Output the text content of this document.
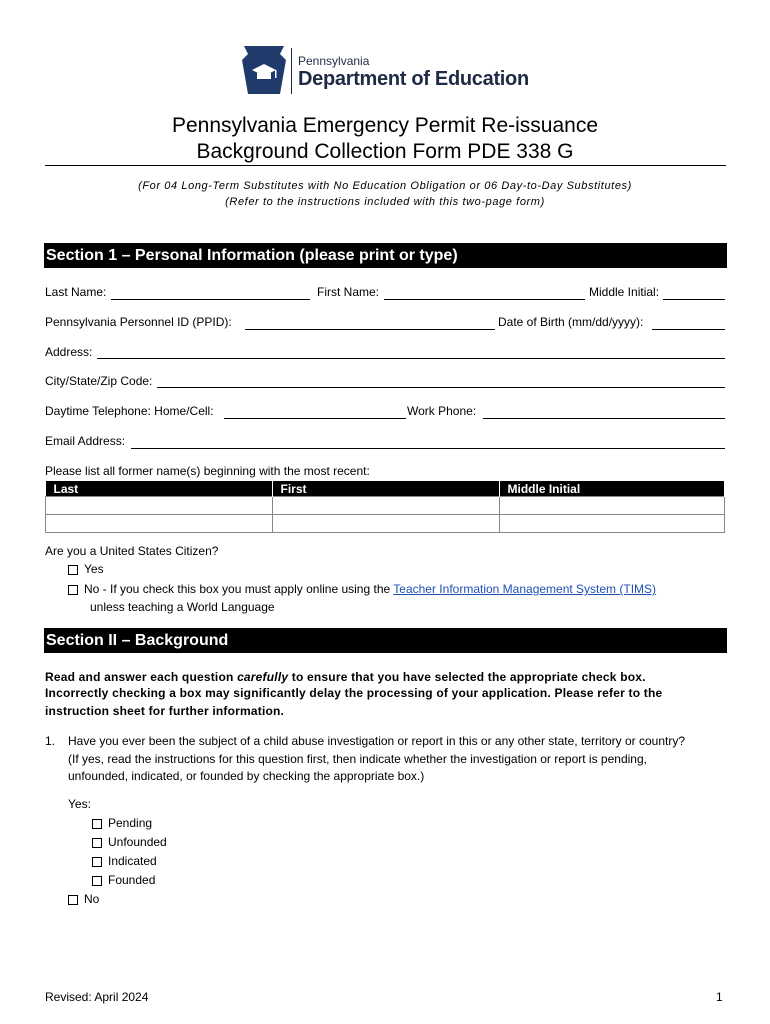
Pennsylvania
Department of Education
Pennsylvania Emergency Permit Re-issuance
Background Collection Form PDE 338 G
(For 04 Long-Term Substitutes with No Education Obligation or 06 Day-to-Day Substitutes)
(Refer to the instructions included with this two-page form)
Section 1 – Personal Information (please print or type)
Last Name:	First Name:	Middle Initial:
Pennsylvania Personnel ID (PPID):	Date of Birth (mm/dd/yyyy):
Address:
City/State/Zip Code:
Daytime Telephone: Home/Cell:	Work Phone:
Email Address:
Please list all former name(s) beginning with the most recent:
Last	First	Middle Initial

Are you a United States Citizen?
Yes
No - If you check this box you must apply online using the Teacher Information Management System (TIMS)
unless teaching a World Language
Section II – Background
Read and answer each question carefully to ensure that you have selected the appropriate check box.
Incorrectly checking a box may significantly delay the processing of your application. Please refer to the
instruction sheet for further information.
1. Have you ever been the subject of a child abuse investigation or report in this or any other state, territory or country?
(If yes, read the instructions for this question first, then indicate whether the investigation or report is pending,
unfounded, indicated, or founded by checking the appropriate box.)
Yes:
Pending
Unfounded
Indicated
Founded
No
Revised: April 2024	1
